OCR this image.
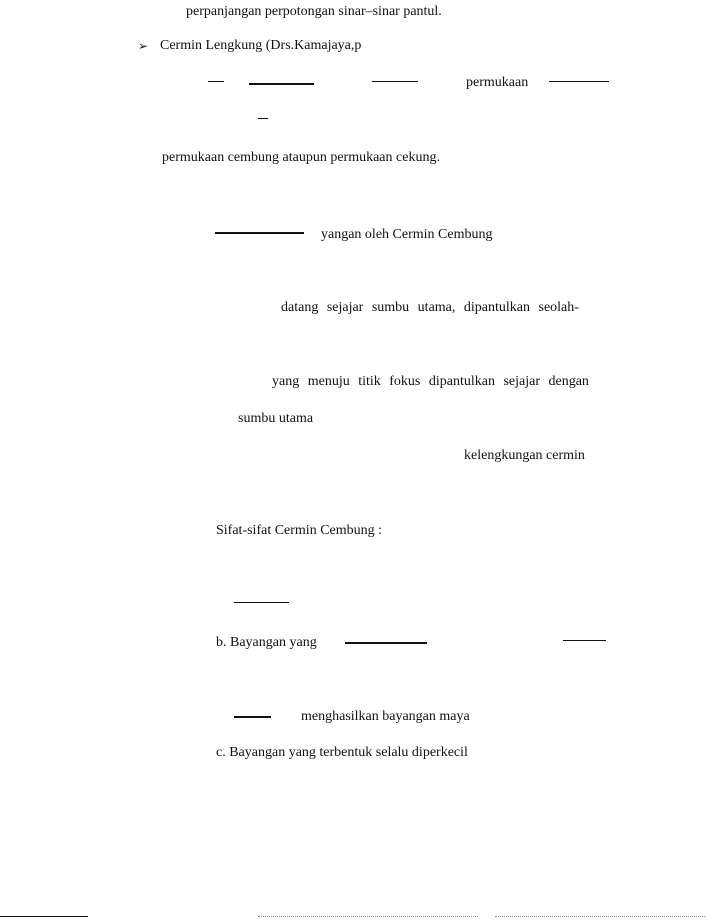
perpanjangan perpotongan sinar–sinar pantul.
➢ Cermin Lengkung (Drs.Kamajaya,p
permukaan
permukaan cembung ataupun permukaan cekung.
yangan oleh Cermin Cembung
datang sejajar sumbu utama, dipantulkan seolah-
yang menuju titik fokus dipantulkan sejajar dengan
sumbu utama
kelengkungan cermin
Sifat-sifat Cermin Cembung :
b. Bayangan yang
menghasilkan bayangan maya
c. Bayangan yang terbentuk selalu diperkecil
